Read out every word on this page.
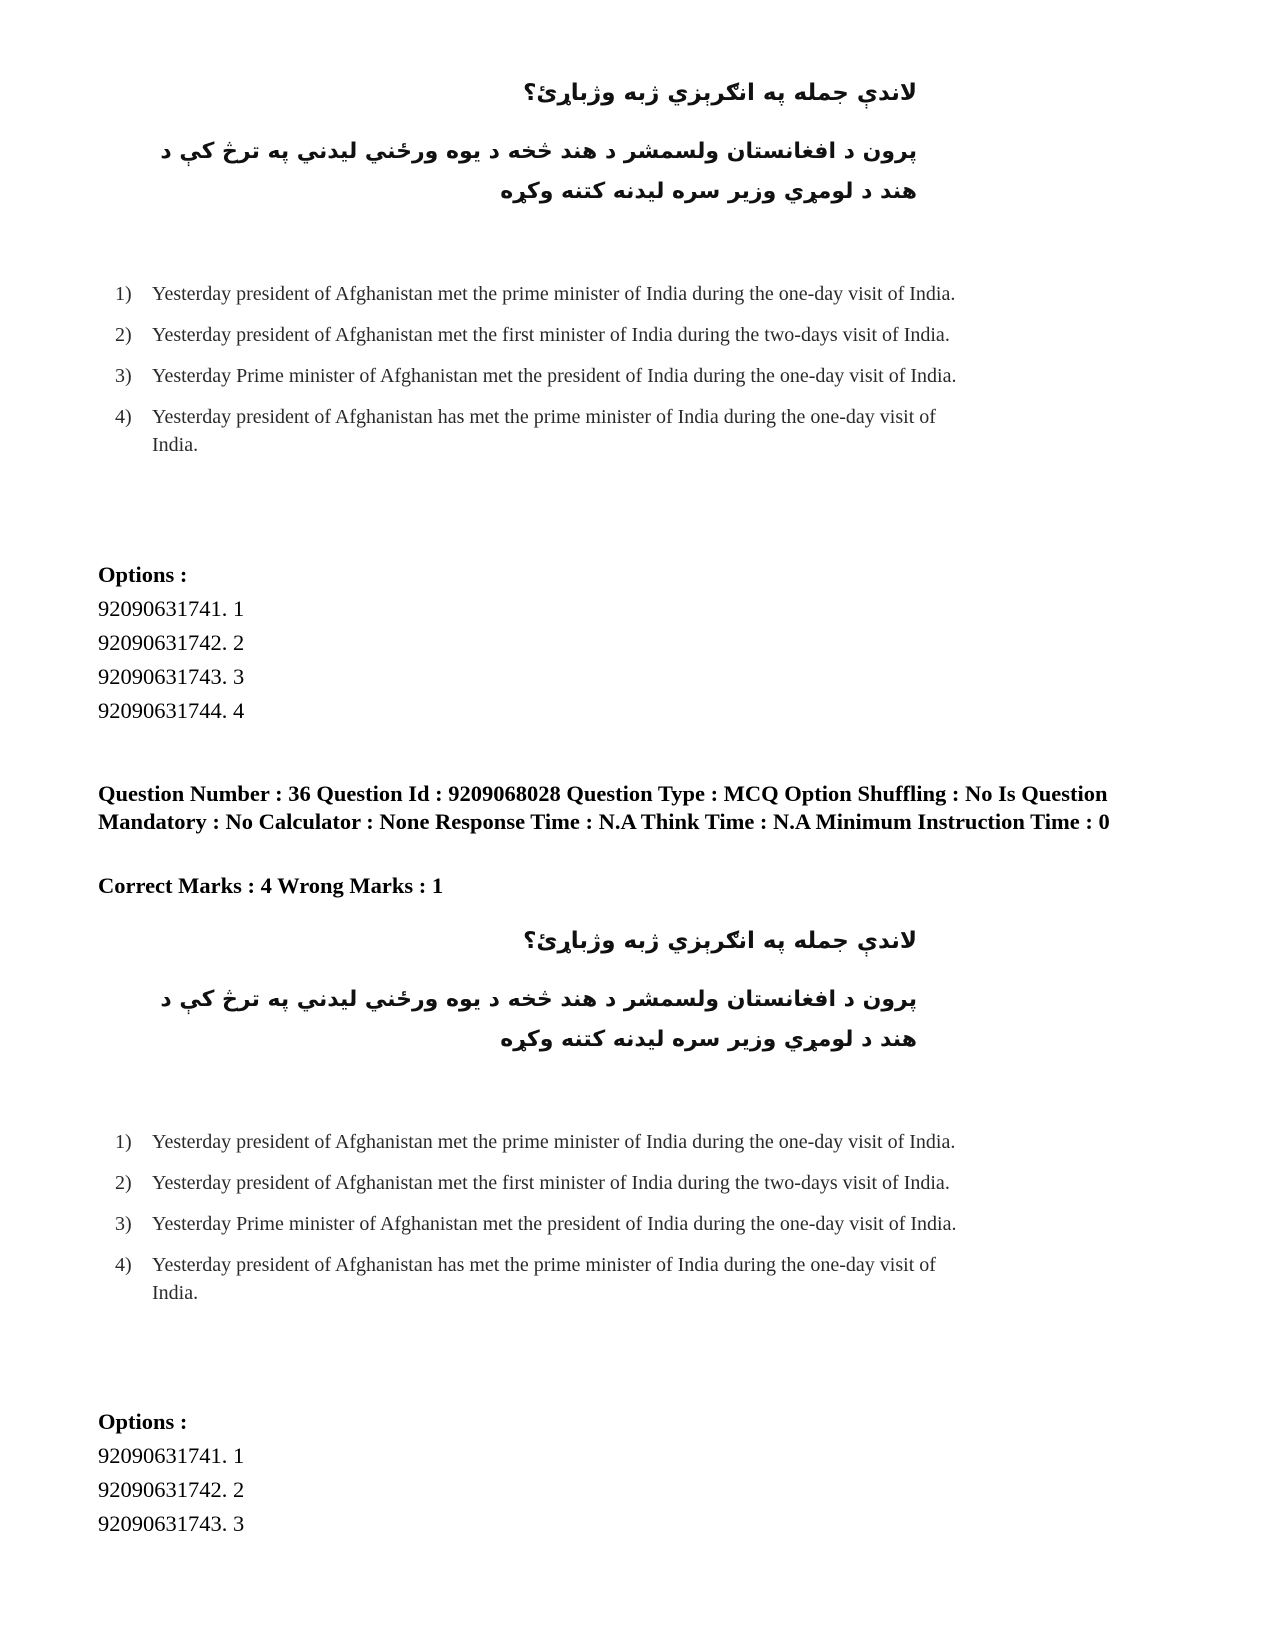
لاندې جمله په انګرېزي ژبه وژباړئ؟
پرون د افغانستان ولسمشر د هند څخه د یوه ورځني لیدني په ترڅ کې د هند د لومړي وزیر سره لیدنه کتنه وکړه
1) Yesterday president of Afghanistan met the prime minister of India during the one-day visit of India.
2) Yesterday president of Afghanistan met the first minister of India during the two-days visit of India.
3) Yesterday Prime minister of Afghanistan met the president of India during the one-day visit of India.
4) Yesterday president of Afghanistan has met the prime minister of India during the one-day visit of India.
Options :
92090631741. 1
92090631742. 2
92090631743. 3
92090631744. 4
Question Number : 36 Question Id : 9209068028 Question Type : MCQ Option Shuffling : No Is Question Mandatory : No Calculator : None Response Time : N.A Think Time : N.A Minimum Instruction Time : 0
Correct Marks : 4 Wrong Marks : 1
لاندې جمله په انګرېزي ژبه وژباړئ؟
پرون د افغانستان ولسمشر د هند څخه د یوه ورځني لیدني په ترڅ کې د هند د لومړي وزیر سره لیدنه کتنه وکړه
1) Yesterday president of Afghanistan met the prime minister of India during the one-day visit of India.
2) Yesterday president of Afghanistan met the first minister of India during the two-days visit of India.
3) Yesterday Prime minister of Afghanistan met the president of India during the one-day visit of India.
4) Yesterday president of Afghanistan has met the prime minister of India during the one-day visit of India.
Options :
92090631741. 1
92090631742. 2
92090631743. 3
